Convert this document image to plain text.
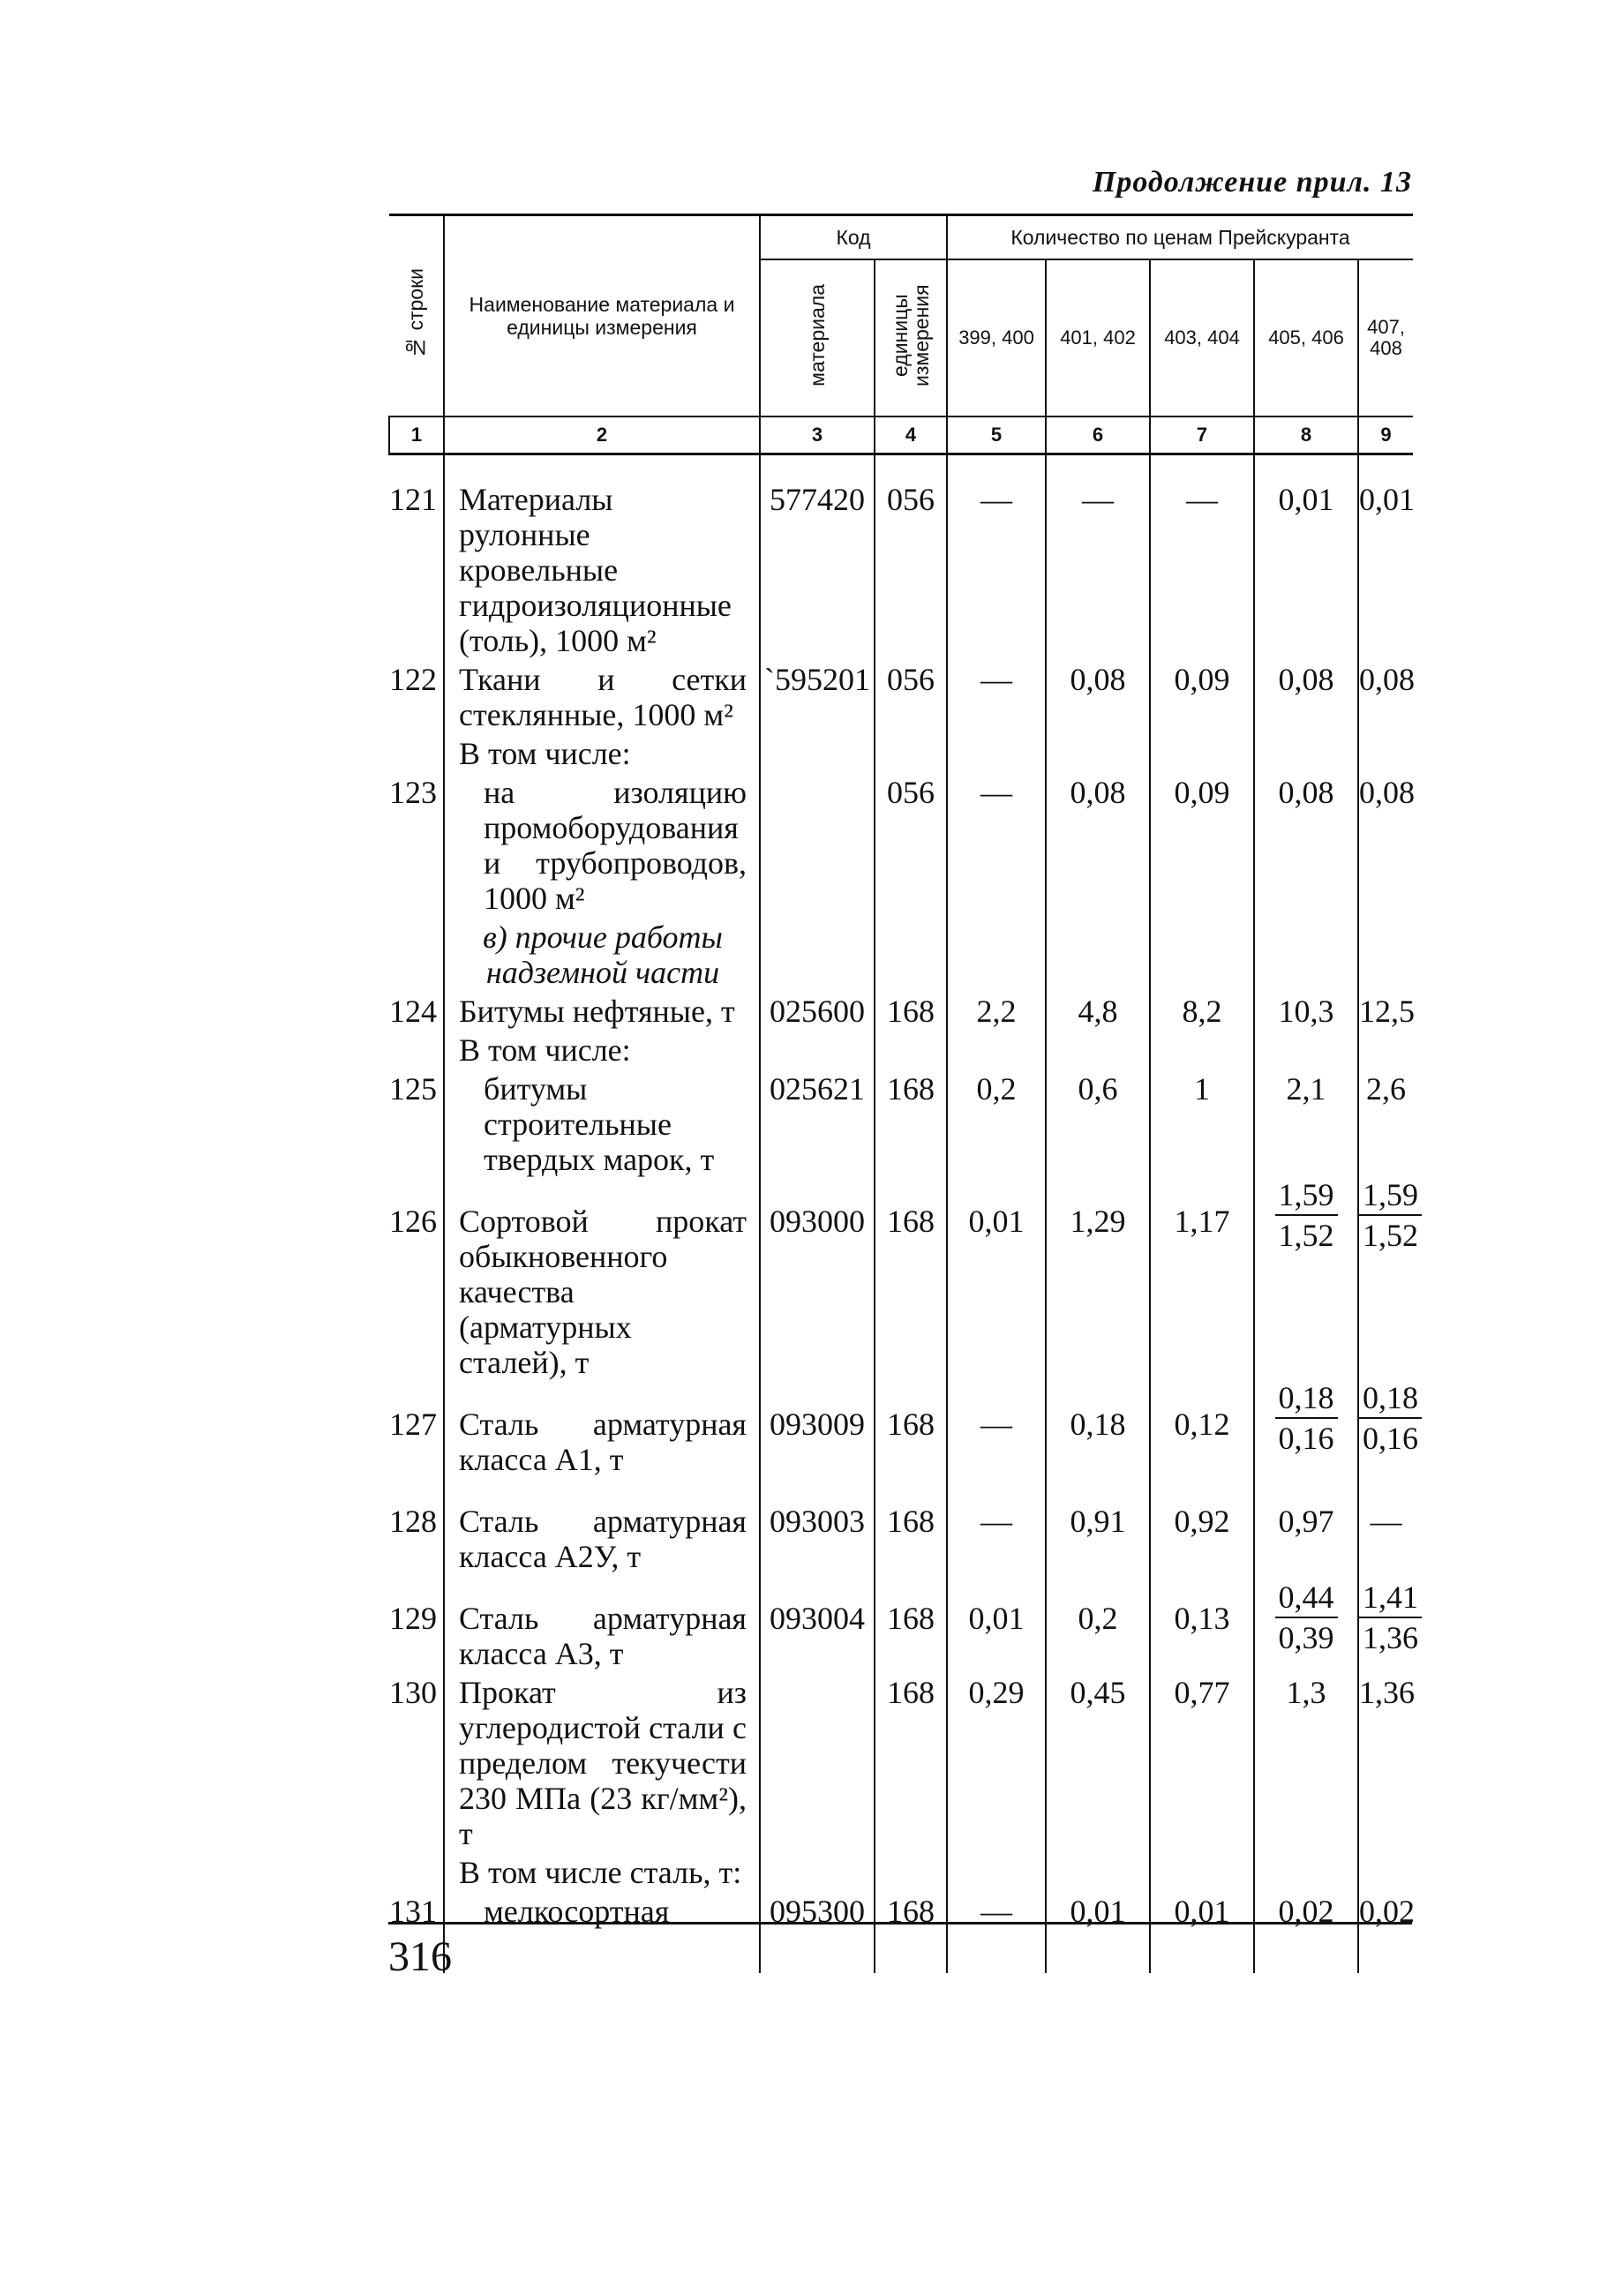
Продолжение прил. 13
№ строки	Наименование материала и единицы измерения	Код		Количество по ценам Прейскуранта				
		материала	единицы измерения	399, 400	401, 402	403, 404	405, 406	407, 408

1	2	3	4	5	6	7	8	9
121	Материалы рулонные кровельные гидроизоляционные (толь), 1000 м²	577420	056	—	—	—	0,01	0,01
122	Ткани и сетки стеклянные, 1000 м²	`595201	056	—	0,08	0,09	0,08	0,08
	В том числе:							
123	на изоляцию промоборудования и трубопроводов, 1000 м²		056	—	0,08	0,09	0,08	0,08
	в) прочие работы надземной части							
124	Битумы нефтяные, т	025600	168	2,2	4,8	8,2	10,3	12,5
	В том числе:							
125	битумы строительные твердых марок, т	025621	168	0,2	0,6	1	2,1	2,6
126	Сортовой прокат обыкновенного качества (арматурных сталей), т	093000	168	0,01	1,29	1,17	$\frac{1,59}{1,52}$	$\frac{1,59}{1,52}$

127	Сталь арматурная класса А1, т	093009	168	—	0,18	0,12	$\frac{0,18}{0,16}$	$\frac{0,18}{0,16}$

128	Сталь арматурная класса А2У, т	093003	168	—	0,91	0,92	0,97	—
129	Сталь арматурная класса А3, т	093004	168	0,01	0,2	0,13	$\frac{0,44}{0,39}$	$\frac{1,41}{1,36}$

130	Прокат из углеродистой стали с пределом текучести 230 МПа (23 кг/мм²), т		168	0,29	0,45	0,77	1,3	1,36
	В том числе сталь, т:							
131	мелкосортная	095300	168	—	0,01	0,01	0,02	0,02
316
